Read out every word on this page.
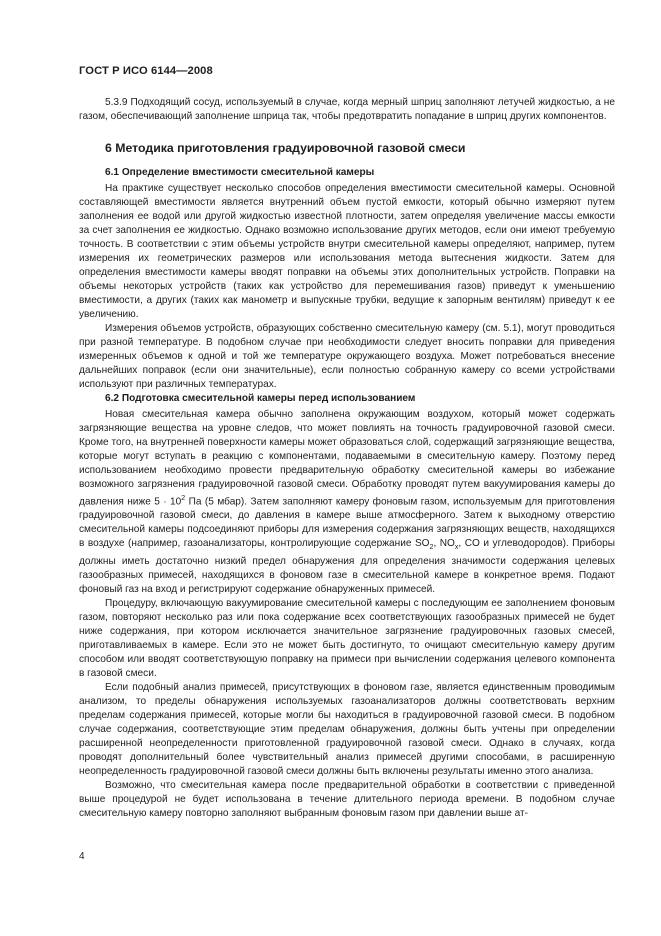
ГОСТ Р ИСО 6144—2008

5.3.9 Подходящий сосуд, используемый в случае, когда мерный шприц заполняют летучей жидкостью, а не газом, обеспечивающий заполнение шприца так, чтобы предотвратить попадание в шприц других компонентов.

6 Методика приготовления градуировочной газовой смеси
6.1 Определение вместимости смесительной камеры

На практике существует несколько способов определения вместимости смесительной камеры. Основной составляющей вместимости является внутренний объем пустой емкости, который обычно измеряют путем заполнения ее водой или другой жидкостью известной плотности, затем определяя увеличение массы емкости за счет заполнения ее жидкостью. Однако возможно использование других методов, если они имеют требуемую точность. В соответствии с этим объемы устройств внутри смесительной камеры определяют, например, путем измерения их геометрических размеров или использования метода вытеснения жидкости. Затем для определения вместимости камеры вводят поправки на объемы этих дополнительных устройств. Поправки на объемы некоторых устройств (таких как устройство для перемешивания газов) приведут к уменьшению вместимости, а других (таких как манометр и выпускные трубки, ведущие к запорным вентилям) приведут к ее увеличению.

Измерения объемов устройств, образующих собственно смесительную камеру (см. 5.1), могут проводиться при разной температуре. В подобном случае при необходимости следует вносить поправки для приведения измеренных объемов к одной и той же температуре окружающего воздуха. Может потребоваться внесение дальнейших поправок (если они значительные), если полностью собранную камеру со всеми устройствами используют при различных температурах.

6.2 Подготовка смесительной камеры перед использованием

Новая смесительная камера обычно заполнена окружающим воздухом, который может содержать загрязняющие вещества на уровне следов, что может повлиять на точность градуировочной газовой смеси. Кроме того, на внутренней поверхности камеры может образоваться слой, содержащий загрязняющие вещества, которые могут вступать в реакцию с компонентами, подаваемыми в смесительную камеру. Поэтому перед использованием необходимо провести предварительную обработку смесительной камеры во избежание возможного загрязнения градуировочной газовой смеси. Обработку проводят путем вакуумирования камеры до давления ниже $5 \cdot 10^2$ Па (5 мбар). Затем заполняют камеру фоновым газом, используемым для приготовления градуировочной газовой смеси, до давления в камере выше атмосферного. Затем к выходному отверстию смесительной камеры подсоединяют приборы для измерения содержания загрязняющих веществ, находящихся в воздухе (например, газоанализаторы, контролирующие содержание $SO_2$, $NO_x$, CO и углеводородов). Приборы должны иметь достаточно низкий предел обнаружения для определения значимости содержания целевых газообразных примесей, находящихся в фоновом газе в смесительной камере в конкретное время. Подают фоновый газ на вход и регистрируют содержание обнаруженных примесей.

Процедуру, включающую вакуумирование смесительной камеры с последующим ее заполнением фоновым газом, повторяют несколько раз или пока содержание всех соответствующих газообразных примесей не будет ниже содержания, при котором исключается значительное загрязнение градуировочных газовых смесей, приготавливаемых в камере. Если это не может быть достигнуто, то очищают смесительную камеру другим способом или вводят соответствующую поправку на примеси при вычислении содержания целевого компонента в газовой смеси.

Если подобный анализ примесей, присутствующих в фоновом газе, является единственным проводимым анализом, то пределы обнаружения используемых газоанализаторов должны соответствовать верхним пределам содержания примесей, которые могли бы находиться в градуировочной газовой смеси. В подобном случае содержания, соответствующие этим пределам обнаружения, должны быть учтены при определении расширенной неопределенности приготовленной градуировочной газовой смеси. Однако в случаях, когда проводят дополнительный более чувствительный анализ примесей другими способами, в расширенную неопределенность градуировочной газовой смеси должны быть включены результаты именно этого анализа.

Возможно, что смесительная камера после предварительной обработки в соответствии с приведенной выше процедурой не будет использована в течение длительного периода времени. В подобном случае смесительную камеру повторно заполняют выбранным фоновым газом при давлении выше ат-

4
